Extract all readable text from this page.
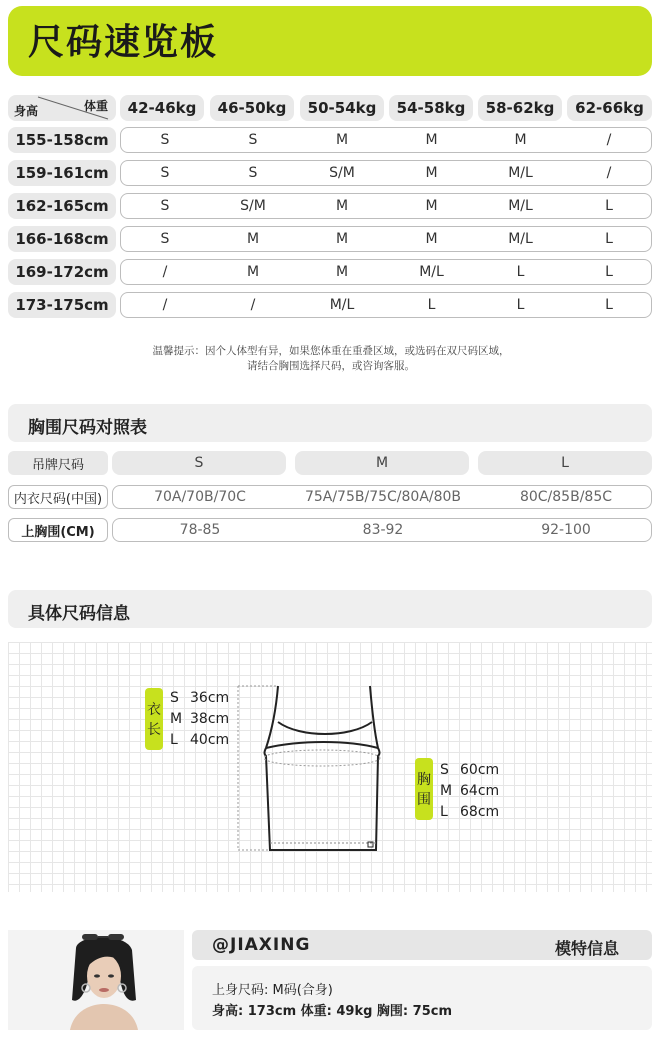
尺码速览板
身高	体重	42-46kg	46-50kg	50-54kg	54-58kg	58-62kg	62-66kg
155-158cm	S	S	M	M	M	/
159-161cm	S	S	S/M	M	M/L	/
162-165cm	S	S/M	M	M	M/L	L
166-168cm	S	M	M	M	M/L	L
169-172cm	/	M	M	M/L	L	L
173-175cm	/	/	M/L	L	L	L
温馨提示：因个人体型有异，如果您体重在重叠区域，或选码在双尺码区域，
请结合胸围选择尺码，或咨询客服。
胸围尺码对照表
吊牌尺码	S	M	L
内衣尺码(中国)	70A/70B/70C	75A/75B/75C/80A/80B	80C/85B/85C
上胸围(CM)	78-85	83-92	92-100
具体尺码信息
衣
长
S 36cm
M 38cm
L 40cm
胸
围
S 60cm
M 64cm
L 68cm
@JIAXING	模特信息
上身尺码: M码(合身)
身高: 173cm 体重: 49kg 胸围: 75cm
